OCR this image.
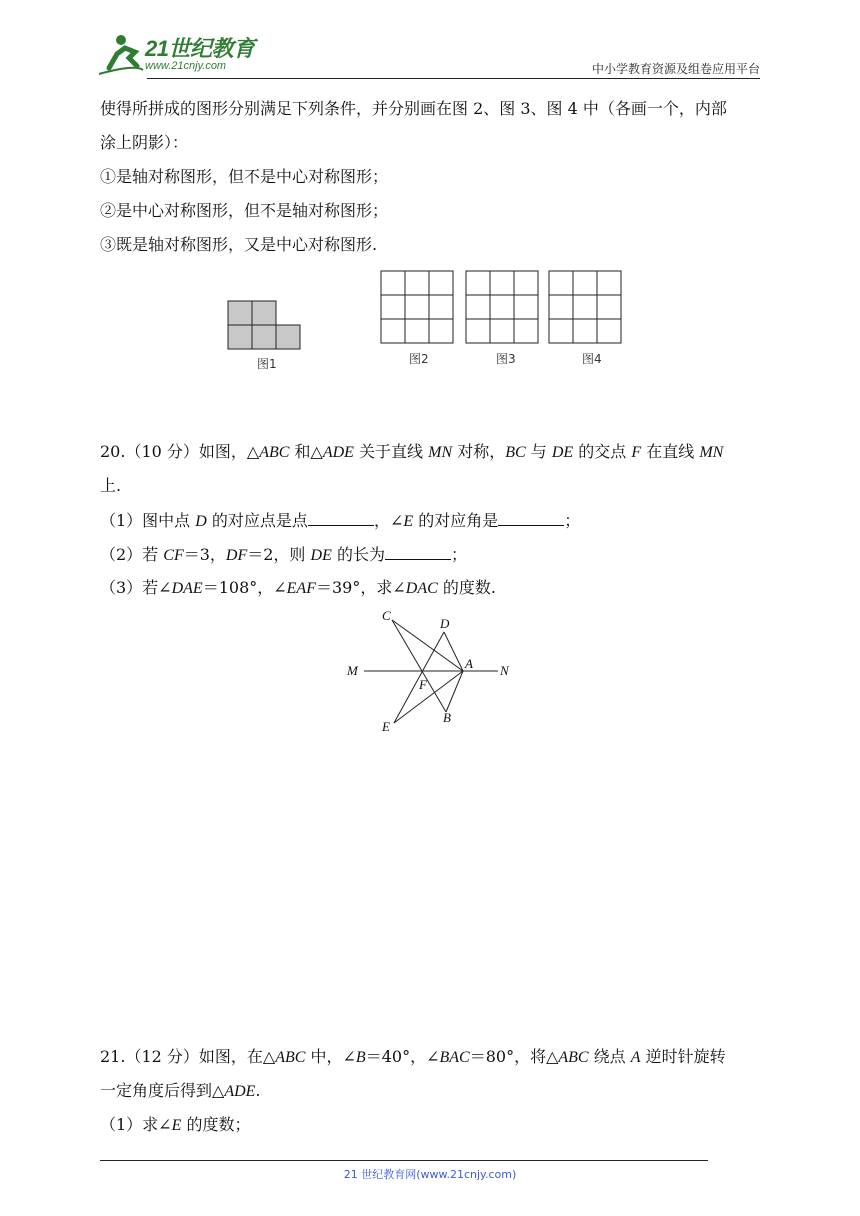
21世纪教育
www.21cnjy.com	中小学教育资源及组卷应用平台
使得所拼成的图形分别满足下列条件，并分别画在图 2、图 3、图 4 中（各画一个，内部
涂上阴影）：
①是轴对称图形，但不是中心对称图形；
②是中心对称图形，但不是轴对称图形；
③既是轴对称图形，又是中心对称图形.
图1	图2	图3	图4
20.（10 分）如图，△ABC 和△ADE 关于直线 MN 对称，BC 与 DE 的交点 F 在直线 MN
上.
（1）图中点 D 的对应点是点	，∠E 的对应角是	；
（2）若 CF＝3，DF＝2，则 DE 的长为	；
（3）若∠DAE＝108°，∠EAF＝39°，求∠DAC 的度数.
C
D
M	A N
F
E
B
21.（12 分）如图，在△ABC 中，∠B＝40°，∠BAC＝80°，将△ABC 绕点 A 逆时针旋转
一定角度后得到△ADE.
（1）求∠E 的度数；
21 世纪教育网(www.21cnjy.com)
